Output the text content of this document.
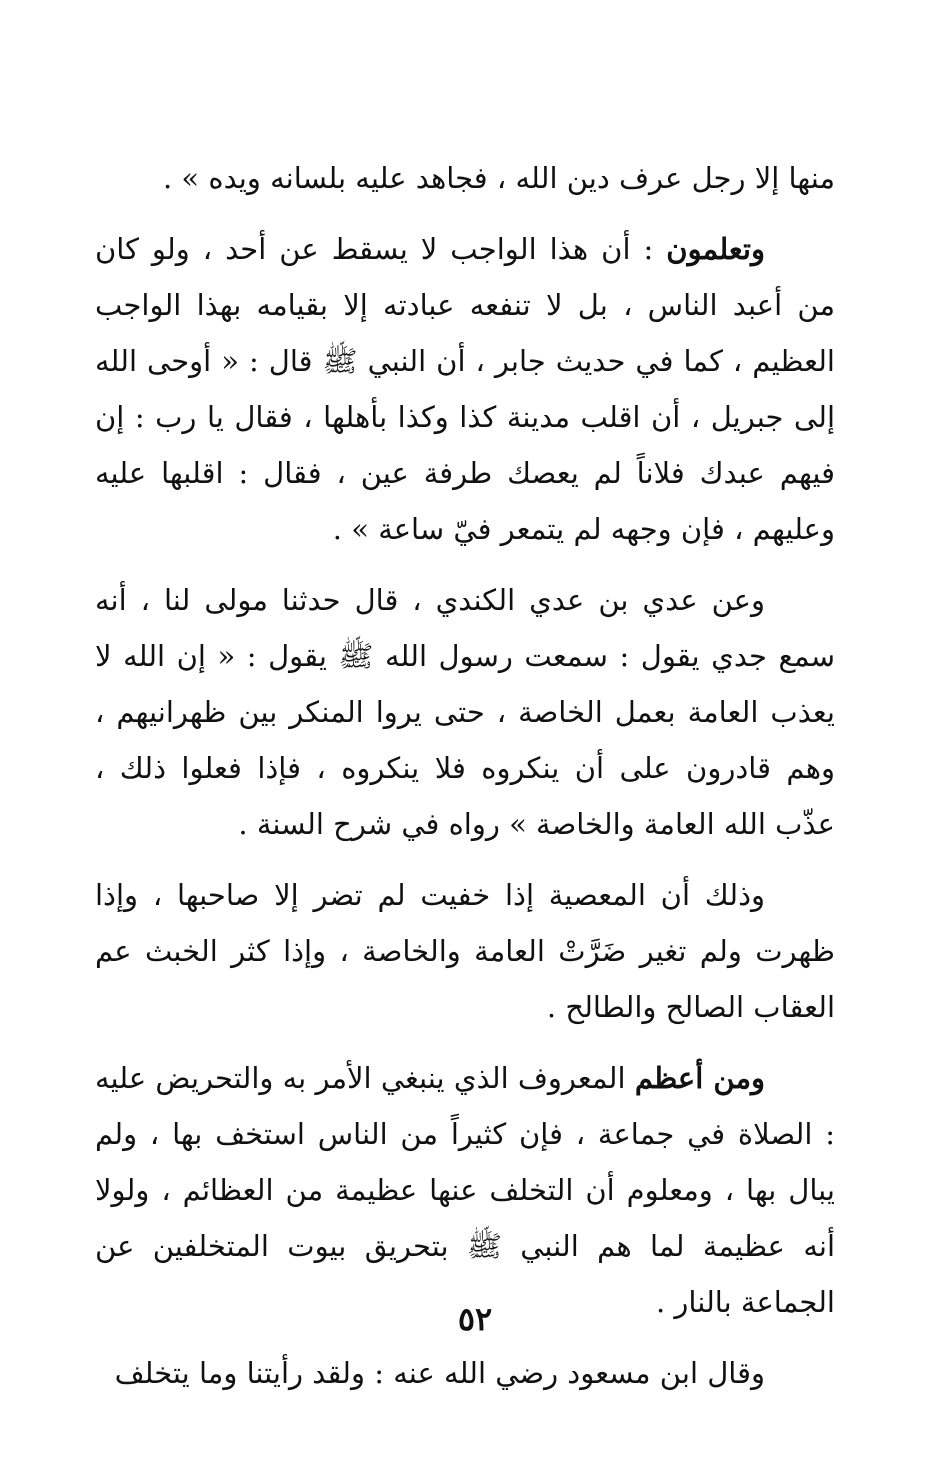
منها إلا رجل عرف دين الله ، فجاهد عليه بلسانه ويده » .

وتعلمون : أن هذا الواجب لا يسقط عن أحد ، ولو كان من أعبد الناس ، بل لا تنفعه عبادته إلا بقيامه بهذا الواجب العظيم ، كما في حديث جابر ، أن النبي ﷺ قال : « أوحى الله إلى جبريل ، أن اقلب مدينة كذا وكذا بأهلها ، فقال يا رب : إن فيهم عبدك فلاناً لم يعصك طرفة عين ، فقال : اقلبها عليه وعليهم ، فإن وجهه لم يتمعر فيّ ساعة » .

وعن عدي بن عدي الكندي ، قال حدثنا مولى لنا ، أنه سمع جدي يقول : سمعت رسول الله ﷺ يقول : « إن الله لا يعذب العامة بعمل الخاصة ، حتى يروا المنكر بين ظهرانيهم ، وهم قادرون على أن ينكروه فلا ينكروه ، فإذا فعلوا ذلك ، عذّب الله العامة والخاصة » رواه في شرح السنة .

وذلك أن المعصية إذا خفيت لم تضر إلا صاحبها ، وإذا ظهرت ولم تغير ضَرَّتْ العامة والخاصة ، وإذا كثر الخبث عم العقاب الصالح والطالح .

ومن أعظم المعروف الذي ينبغي الأمر به والتحريض عليه : الصلاة في جماعة ، فإن كثيراً من الناس استخف بها ، ولم يبال بها ، ومعلوم أن التخلف عنها عظيمة من العظائم ، ولولا أنه عظيمة لما هم النبي ﷺ بتحريق بيوت المتخلفين عن الجماعة بالنار .

وقال ابن مسعود رضي الله عنه : ولقد رأيتنا وما يتخلف

٥٢
